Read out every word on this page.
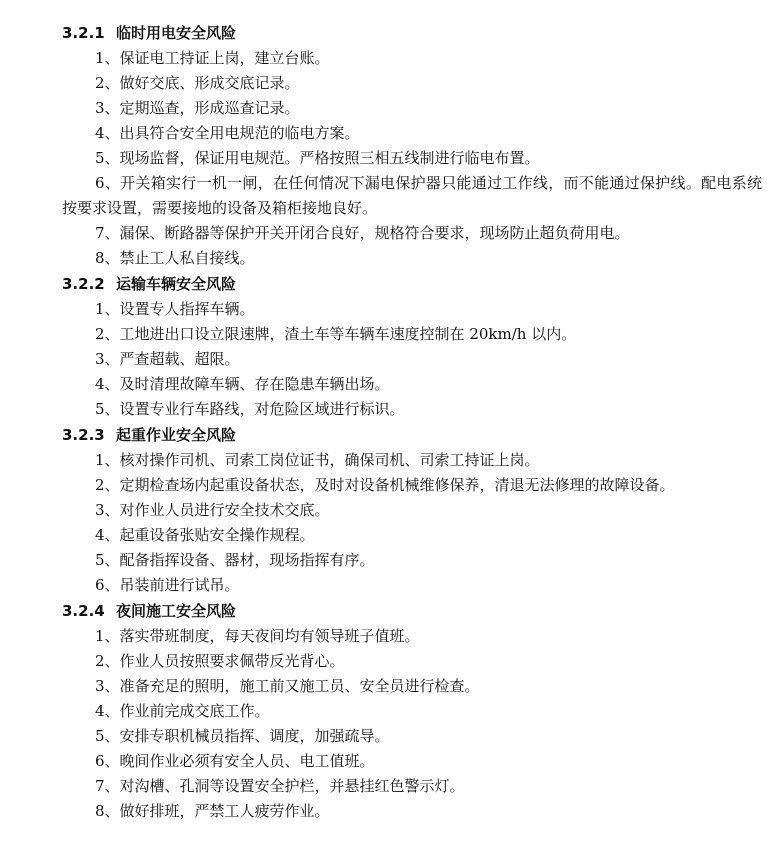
3.2.1 临时用电安全风险
1、保证电工持证上岗，建立台账。
2、做好交底、形成交底记录。
3、定期巡查，形成巡查记录。
4、出具符合安全用电规范的临电方案。
5、现场监督，保证用电规范。严格按照三相五线制进行临电布置。
6、开关箱实行一机一闸，在任何情况下漏电保护器只能通过工作线，而不能通过保护线。配电系统按要求设置，需要接地的设备及箱柜接地良好。
7、漏保、断路器等保护开关开闭合良好，规格符合要求，现场防止超负荷用电。
8、禁止工人私自接线。
3.2.2 运输车辆安全风险
1、设置专人指挥车辆。
2、工地进出口设立限速牌，渣土车等车辆车速度控制在 20km/h 以内。
3、严查超载、超限。
4、及时清理故障车辆、存在隐患车辆出场。
5、设置专业行车路线，对危险区域进行标识。
3.2.3 起重作业安全风险
1、核对操作司机、司索工岗位证书，确保司机、司索工持证上岗。
2、定期检查场内起重设备状态，及时对设备机械维修保养，清退无法修理的故障设备。
3、对作业人员进行安全技术交底。
4、起重设备张贴安全操作规程。
5、配备指挥设备、器材，现场指挥有序。
6、吊装前进行试吊。
3.2.4 夜间施工安全风险
1、落实带班制度，每天夜间均有领导班子值班。
2、作业人员按照要求佩带反光背心。
3、准备充足的照明，施工前又施工员、安全员进行检查。
4、作业前完成交底工作。
5、安排专职机械员指挥、调度，加强疏导。
6、晚间作业必须有安全人员、电工值班。
7、对沟槽、孔洞等设置安全护栏，并悬挂红色警示灯。
8、做好排班，严禁工人疲劳作业。
